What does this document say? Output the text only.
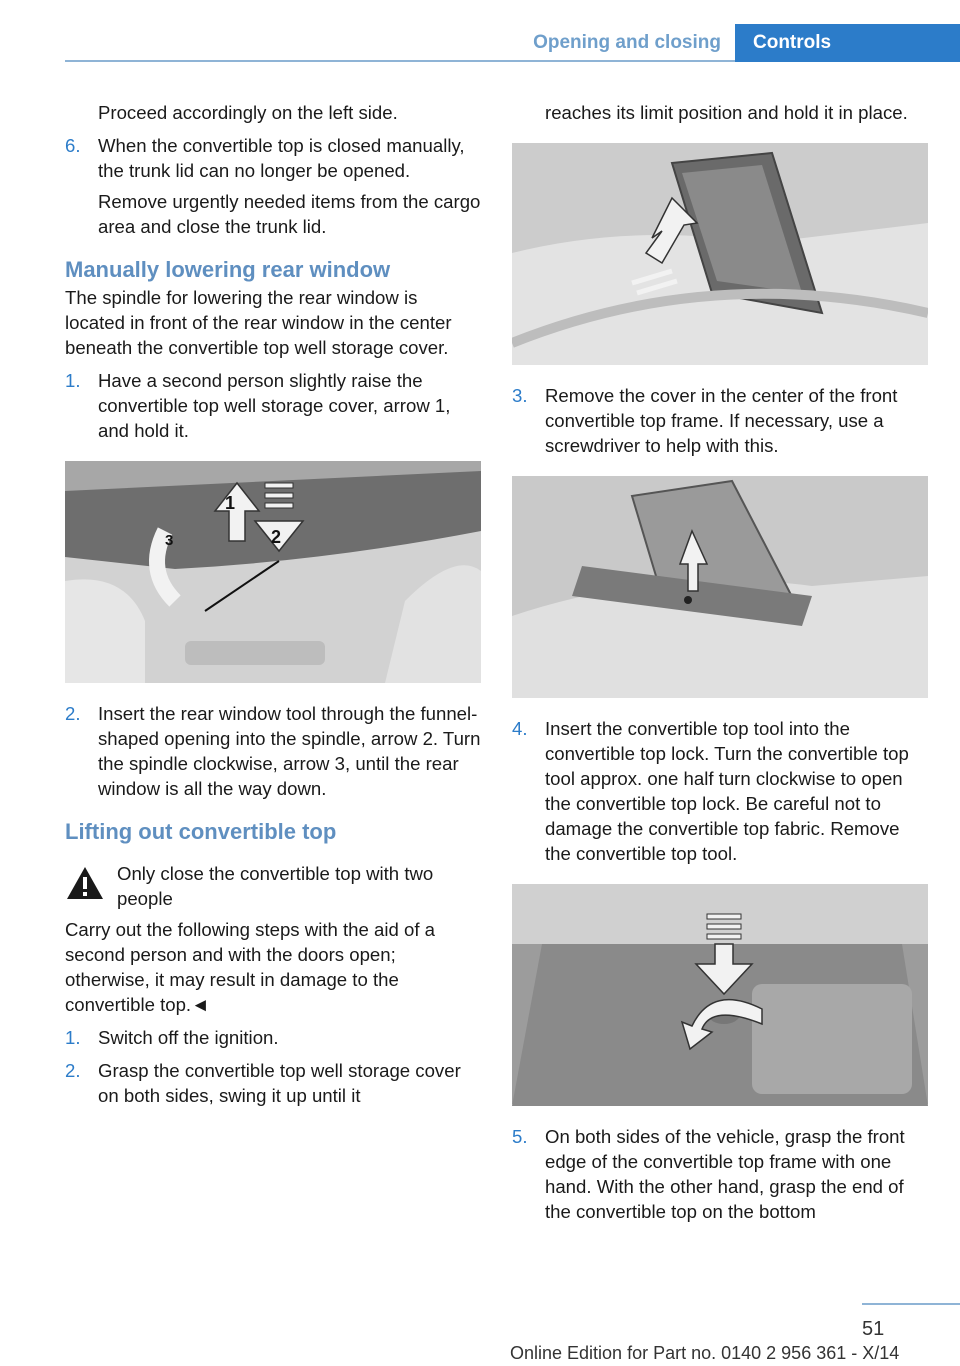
Opening and closing	Controls

Proceed accordingly on the left side.

6. When the convertible top is closed manually, the trunk lid can no longer be opened.

Remove urgently needed items from the cargo area and close the trunk lid.

Manually lowering rear window

The spindle for lowering the rear window is located in front of the rear window in the center beneath the convertible top well storage cover.

1. Have a second person slightly raise the convertible top well storage cover, arrow 1, and hold it.

1
2
3
2. Insert the rear window tool through the funnel-shaped opening into the spindle, arrow 2. Turn the spindle clockwise, arrow 3, until the rear window is all the way down.

Lifting out convertible top

Only close the convertible top with two people

Carry out the following steps with the aid of a second person and with the doors open; otherwise, it may result in damage to the convertible top.◄

1. Switch off the ignition.

2. Grasp the convertible top well storage cover on both sides, swing it up until it

reaches its limit position and hold it in place.

3. Remove the cover in the center of the front convertible top frame. If necessary, use a screwdriver to help with this.

4. Insert the convertible top tool into the convertible top lock. Turn the convertible top tool approx. one half turn clockwise to open the convertible top lock. Be careful not to damage the convertible top fabric. Remove the convertible top tool.

5. On both sides of the vehicle, grasp the front edge of the convertible top frame with one hand. With the other hand, grasp the end of the convertible top on the bottom

51
Online Edition for Part no. 0140 2 956 361 - X/14
